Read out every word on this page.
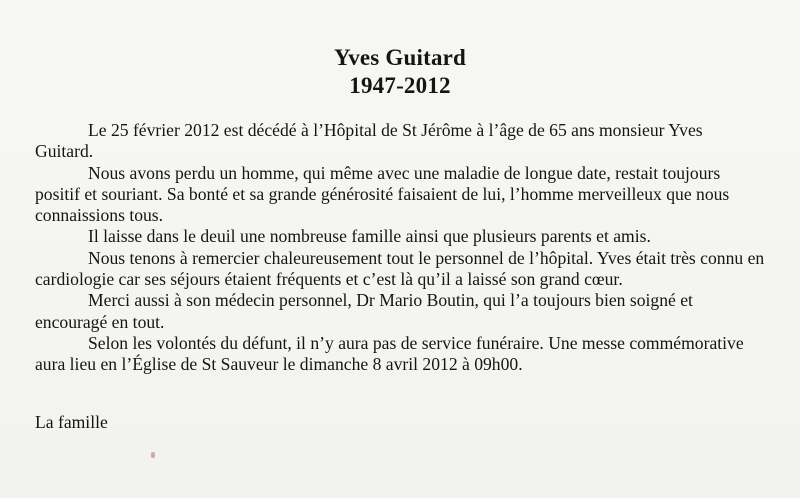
Yves Guitard
1947-2012

Le 25 février 2012 est décédé à l’Hôpital de St Jérôme à l’âge de 65 ans monsieur Yves Guitard.

Nous avons perdu un homme, qui même avec une maladie de longue date, restait toujours positif et souriant. Sa bonté et sa grande générosité faisaient de lui, l’homme merveilleux que nous connaissions tous.

Il laisse dans le deuil une nombreuse famille ainsi que plusieurs parents et amis.

Nous tenons à remercier chaleureusement tout le personnel de l’hôpital. Yves était très connu en cardiologie car ses séjours étaient fréquents et c’est là qu’il a laissé son grand cœur.

Merci aussi à son médecin personnel, Dr Mario Boutin, qui l’a toujours bien soigné et encouragé en tout.

Selon les volontés du défunt, il n’y aura pas de service funéraire. Une messe commémorative aura lieu en l’Église de St Sauveur le dimanche 8 avril 2012 à 09h00.

La famille
